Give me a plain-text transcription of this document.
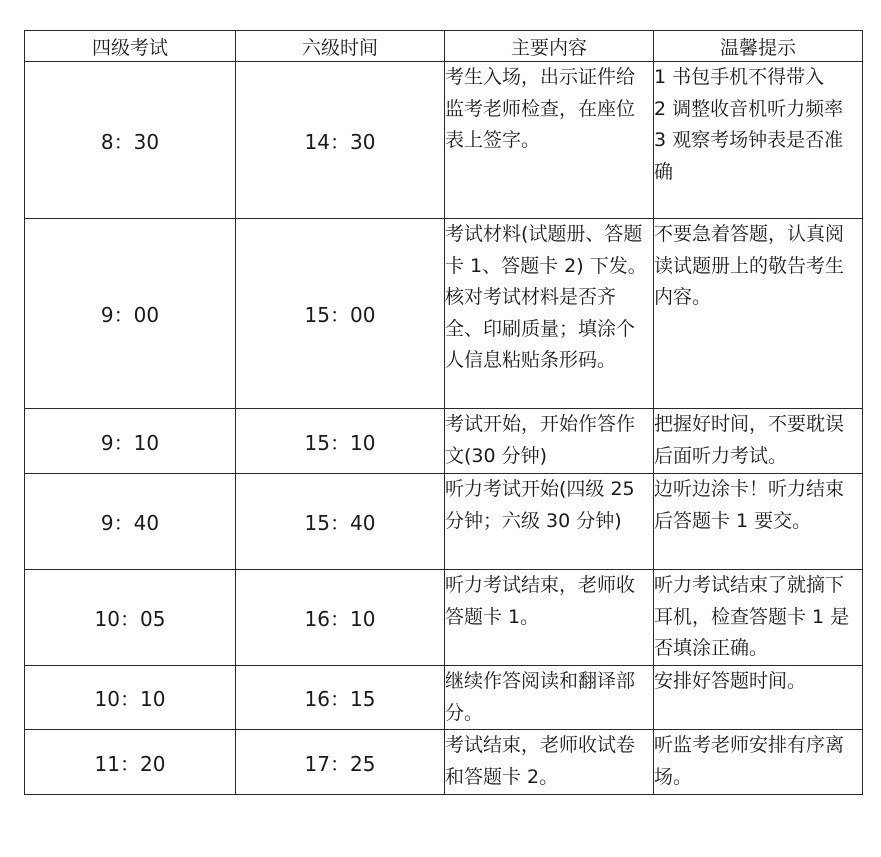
四级考试	六级时间	主要内容	温馨提示
8：30	14：30	考生入场，出示证件给监考老师检查，在座位表上签字。	1 书包手机不得带入
2 调整收音机听力频率
3 观察考场钟表是否准确

9：00	15：00	考试材料(试题册、答题卡 1、答题卡 2) 下发。核对考试材料是否齐全、印刷质量；填涂个人信息粘贴条形码。	不要急着答题，认真阅读试题册上的敬告考生内容。

9：10	15：10	考试开始，开始作答作文(30 分钟)	把握好时间，不要耽误后面听力考试。

9：40	15：40	听力考试开始(四级 25 分钟；六级 30 分钟)	边听边涂卡！听力结束后答题卡 1 要交。

10：05	16：10	听力考试结束，老师收答题卡 1。	听力考试结束了就摘下耳机，检查答题卡 1 是否填涂正确。

10：10	16：15	继续作答阅读和翻译部分。	安排好答题时间。

11：20	17：25	考试结束，老师收试卷和答题卡 2。	听监考老师安排有序离场。
